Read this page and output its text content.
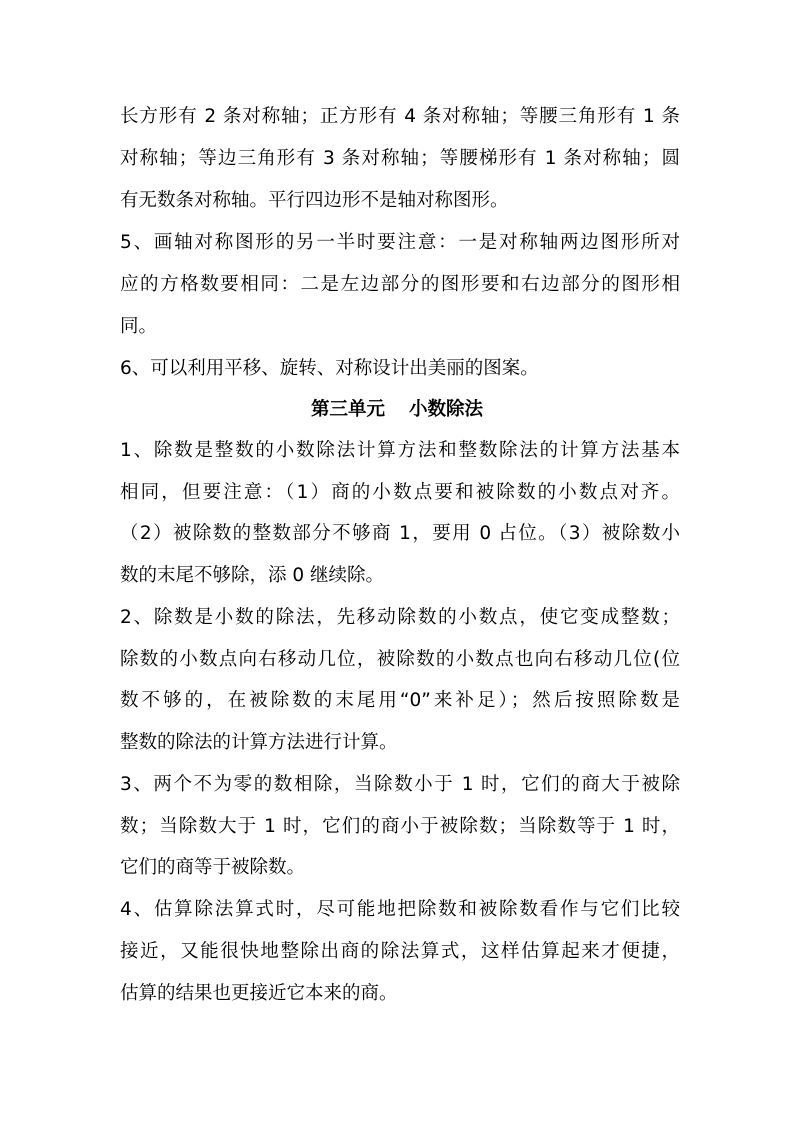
长方形有 2 条对称轴；正方形有 4 条对称轴；等腰三角形有 1 条
对称轴；等边三角形有 3 条对称轴；等腰梯形有 1 条对称轴；圆
有无数条对称轴。平行四边形不是轴对称图形。
5、画轴对称图形的另一半时要注意：一是对称轴两边图形所对
应的方格数要相同：二是左边部分的图形要和右边部分的图形相
同。
6、可以利用平移、旋转、对称设计出美丽的图案。
第三单元 小数除法
1、除数是整数的小数除法计算方法和整数除法的计算方法基本
相同，但要注意：（1）商的小数点要和被除数的小数点对齐。
（2）被除数的整数部分不够商 1，要用 0 占位。（3）被除数小
数的末尾不够除，添 0 继续除。
2、除数是小数的除法，先移动除数的小数点，使它变成整数；
除数的小数点向右移动几位，被除数的小数点也向右移动几位(位
数不够的，在被除数的末尾用“0”来补足）；然后按照除数是
整数的除法的计算方法进行计算。
3、两个不为零的数相除，当除数小于 1 时，它们的商大于被除
数；当除数大于 1 时，它们的商小于被除数；当除数等于 1 时，
它们的商等于被除数。
4、估算除法算式时，尽可能地把除数和被除数看作与它们比较
接近，又能很快地整除出商的除法算式，这样估算起来才便捷，
估算的结果也更接近它本来的商。
